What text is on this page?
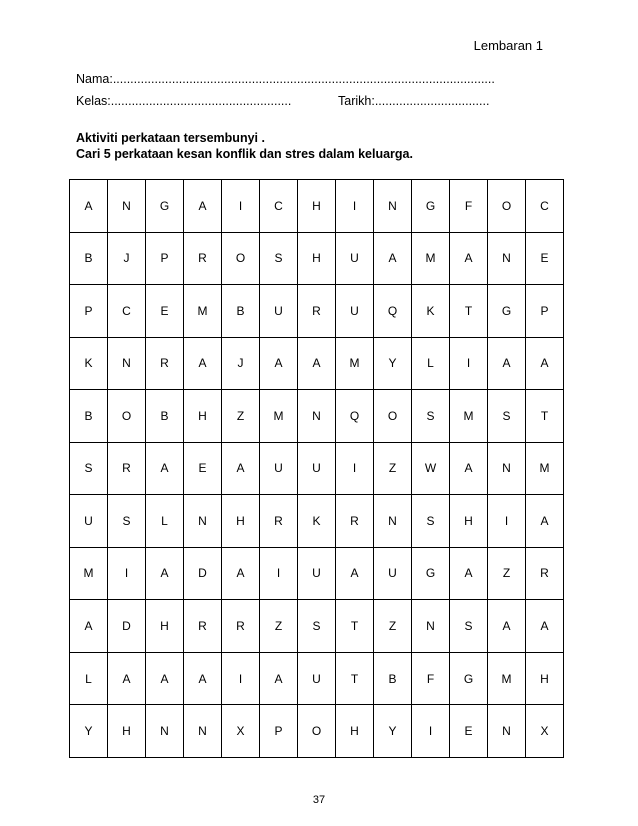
Lembaran 1
Nama:..............................................................................................................
Kelas:....................................................	Tarikh:.................................
Aktiviti perkataan tersembunyi .
Cari 5 perkataan kesan konflik dan stres dalam keluarga.
A	N	G	A	I	C	H	I	N	G	F	O	C
B	J	P	R	O	S	H	U	A	M	A	N	E
P	C	E	M	B	U	R	U	Q	K	T	G	P
K	N	R	A	J	A	A	M	Y	L	I	A	A
B	O	B	H	Z	M	N	Q	O	S	M	S	T
S	R	A	E	A	U	U	I	Z	W	A	N	M
U	S	L	N	H	R	K	R	N	S	H	I	A
M	I	A	D	A	I	U	A	U	G	A	Z	R
A	D	H	R	R	Z	S	T	Z	N	S	A	A
L	A	A	A	I	A	U	T	B	F	G	M	H
Y	H	N	N	X	P	O	H	Y	I	E	N	X
37
